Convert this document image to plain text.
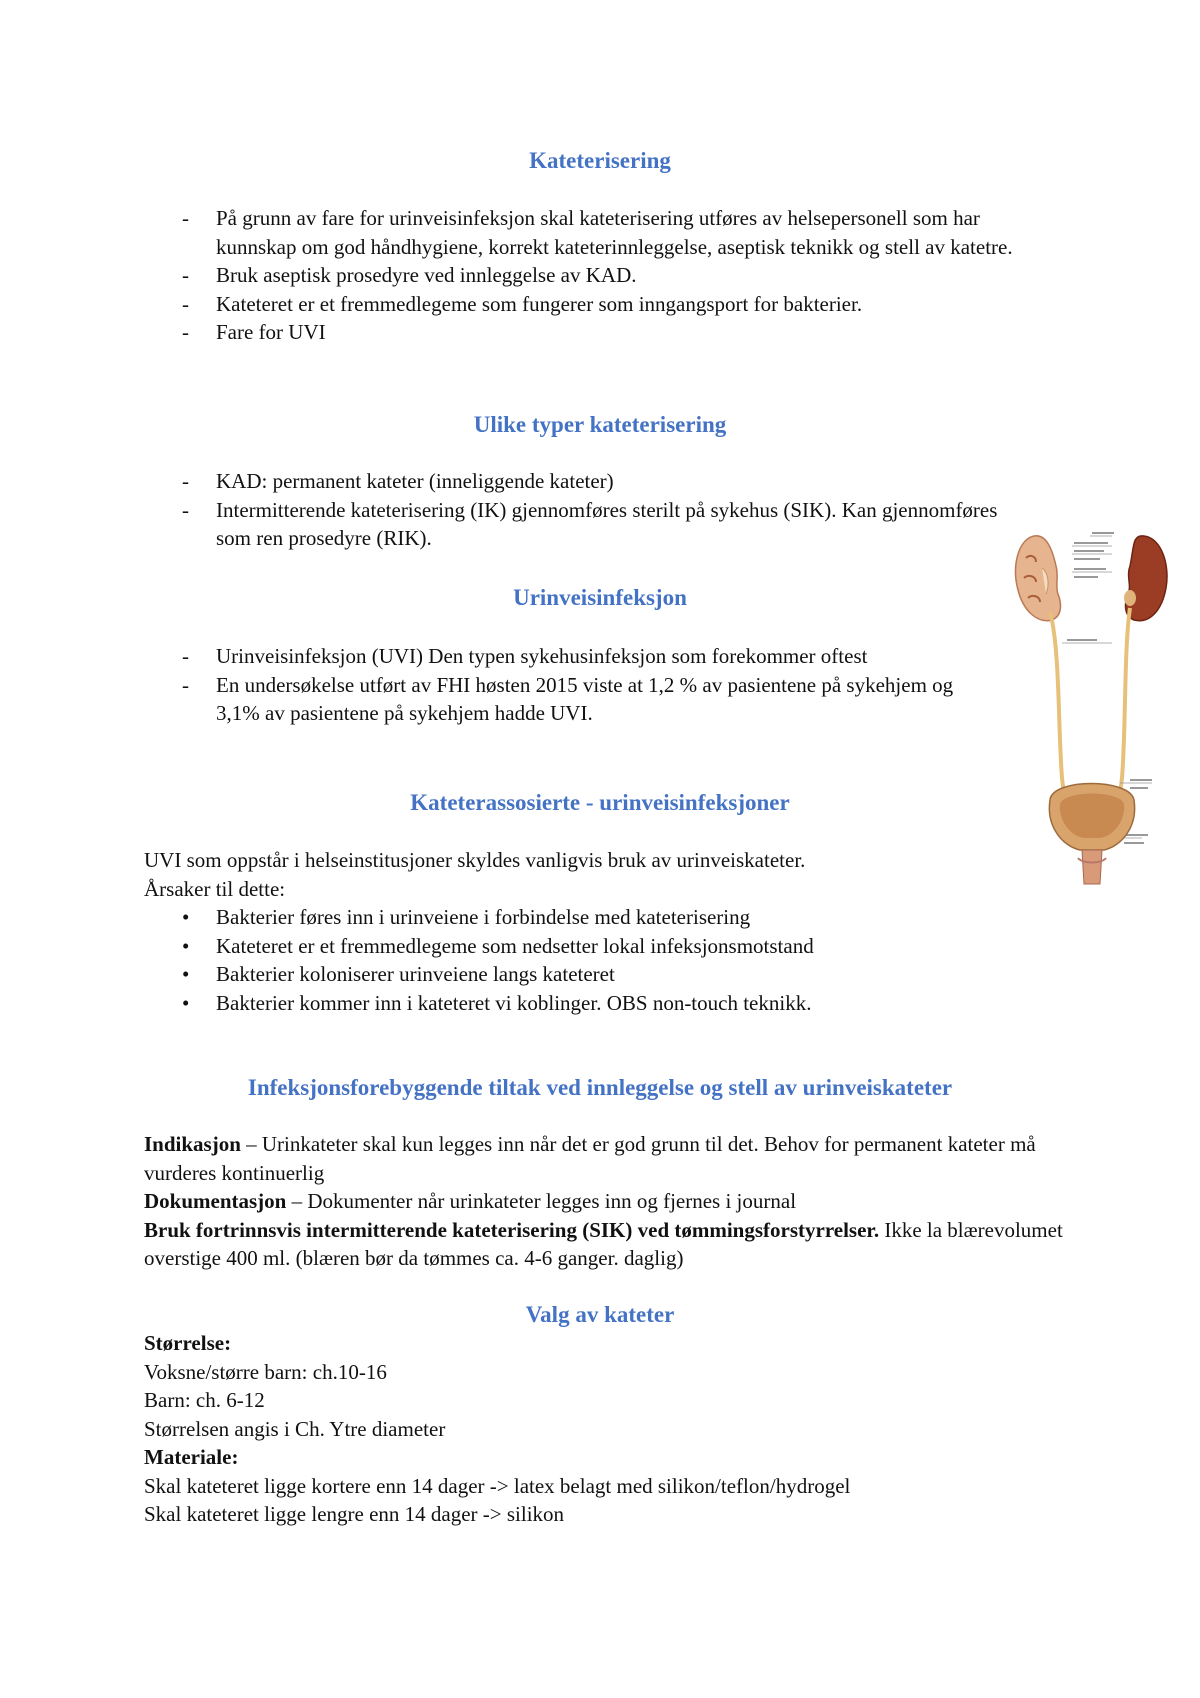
Kateterisering
- På grunn av fare for urinveisinfeksjon skal kateterisering utføres av helsepersonell som har kunnskap om god håndhygiene, korrekt kateterinnleggelse, aseptisk teknikk og stell av katetre.
- Bruk aseptisk prosedyre ved innleggelse av KAD.
- Kateteret er et fremmedlegeme som fungerer som inngangsport for bakterier.
- Fare for UVI
Ulike typer kateterisering
- KAD: permanent kateter (inneliggende kateter)
- Intermitterende kateterisering (IK) gjennomføres sterilt på sykehus (SIK). Kan gjennomføres som ren prosedyre (RIK).
Urinveisinfeksjon
- Urinveisinfeksjon (UVI) Den typen sykehusinfeksjon som forekommer oftest
- En undersøkelse utført av FHI høsten 2015 viste at 1,2 % av pasientene på sykehjem og 3,1% av pasientene på sykehjem hadde UVI.
Kateterassosierte - urinveisinfeksjoner

UVI som oppstår i helseinstitusjoner skyldes vanligvis bruk av urinveiskateter.

Årsaker til dette:

• Bakterier føres inn i urinveiene i forbindelse med kateterisering
• Kateteret er et fremmedlegeme som nedsetter lokal infeksjonsmotstand
• Bakterier koloniserer urinveiene langs kateteret
• Bakterier kommer inn i kateteret vi koblinger. OBS non-touch teknikk.
Infeksjonsforebyggende tiltak ved innleggelse og stell av urinveiskateter

Indikasjon – Urinkateter skal kun legges inn når det er god grunn til det. Behov for permanent kateter må vurderes kontinuerlig

Dokumentasjon – Dokumenter når urinkateter legges inn og fjernes i journal

Bruk fortrinnsvis intermitterende kateterisering (SIK) ved tømmingsforstyrrelser. Ikke la blærevolumet overstige 400 ml. (blæren bør da tømmes ca. 4-6 ganger. daglig)

Valg av kateter

Størrelse:

Voksne/større barn: ch.10-16

Barn: ch. 6-12

Størrelsen angis i Ch. Ytre diameter

Materiale:

Skal kateteret ligge kortere enn 14 dager -> latex belagt med silikon/teflon/hydrogel

Skal kateteret ligge lengre enn 14 dager -> silikon
